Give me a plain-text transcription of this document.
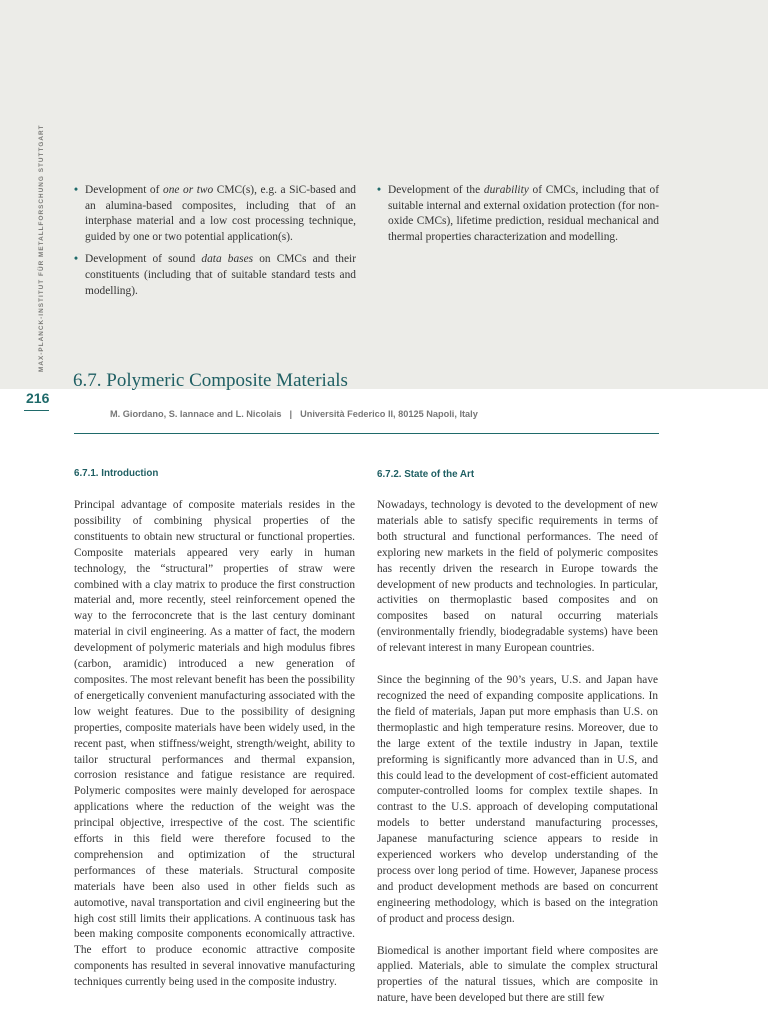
MAX-PLANCK-INSTITUT FÜR METALLFORSCHUNG STUTTGART
216
• Development of one or two CMC(s), e.g. a SiC-based and an alumina-based composites, including that of an interphase material and a low cost processing technique, guided by one or two potential application(s).
• Development of sound data bases on CMCs and their constituents (including that of suitable standard tests and modelling).
• Development of the durability of CMCs, including that of suitable internal and external oxidation protection (for non-oxide CMCs), lifetime prediction, residual mechanical and thermal properties characterization and modelling.
6.7. Polymeric Composite Materials
M. Giordano, S. Iannace and L. Nicolais | Università Federico II, 80125 Napoli, Italy
6.7.1. Introduction	6.7.2. State of the Art

Principal advantage of composite materials resides in the possibility of combining physical properties of the constituents to obtain new structural or functional properties. Composite materials appeared very early in human technology, the “structural” properties of straw were combined with a clay matrix to produce the first construction material and, more recently, steel reinforcement opened the way to the ferroconcrete that is the last century dominant material in civil engineering. As a matter of fact, the modern development of polymeric materials and high modulus fibres (carbon, aramidic) introduced a new generation of composites. The most relevant benefit has been the possibility of energetically convenient manufacturing associated with the low weight features. Due to the possibility of designing properties, composite materials have been widely used, in the recent past, when stiffness/weight, strength/weight, ability to tailor structural performances and thermal expansion, corrosion resistance and fatigue resistance are required. Polymeric composites were mainly developed for aerospace applications where the reduction of the weight was the principal objective, irrespective of the cost. The scientific efforts in this field were therefore focused to the comprehension and optimization of the structural performances of these materials. Structural composite materials have been also used in other fields such as automotive, naval transportation and civil engineering but the high cost still limits their applications. A continuous task has been making composite components economically attractive. The effort to produce economic attractive composite components has resulted in several innovative manufacturing techniques currently being used in the composite industry.

Nowadays, technology is devoted to the development of new materials able to satisfy specific requirements in terms of both structural and functional performances. The need of exploring new markets in the field of polymeric composites has recently driven the research in Europe towards the development of new products and technologies. In particular, activities on thermoplastic based composites and on composites based on natural occurring materials (environmentally friendly, biodegradable systems) have been of relevant interest in many European countries.

Since the beginning of the 90’s years, U.S. and Japan have recognized the need of expanding composite applications. In the field of materials, Japan put more emphasis than U.S. on thermoplastic and high temperature resins. Moreover, due to the large extent of the textile industry in Japan, textile preforming is significantly more advanced than in U.S, and this could lead to the development of cost-efficient automated computer-controlled looms for complex textile shapes. In contrast to the U.S. approach of developing computational models to better understand manufacturing processes, Japanese manufacturing science appears to reside in experienced workers who develop understanding of the process over long period of time. However, Japanese process and product development methods are based on concurrent engineering methodology, which is based on the integration of product and process design.

Biomedical is another important field where composites are applied. Materials, able to simulate the complex structural properties of the natural tissues, which are composite in nature, have been developed but there are still few
